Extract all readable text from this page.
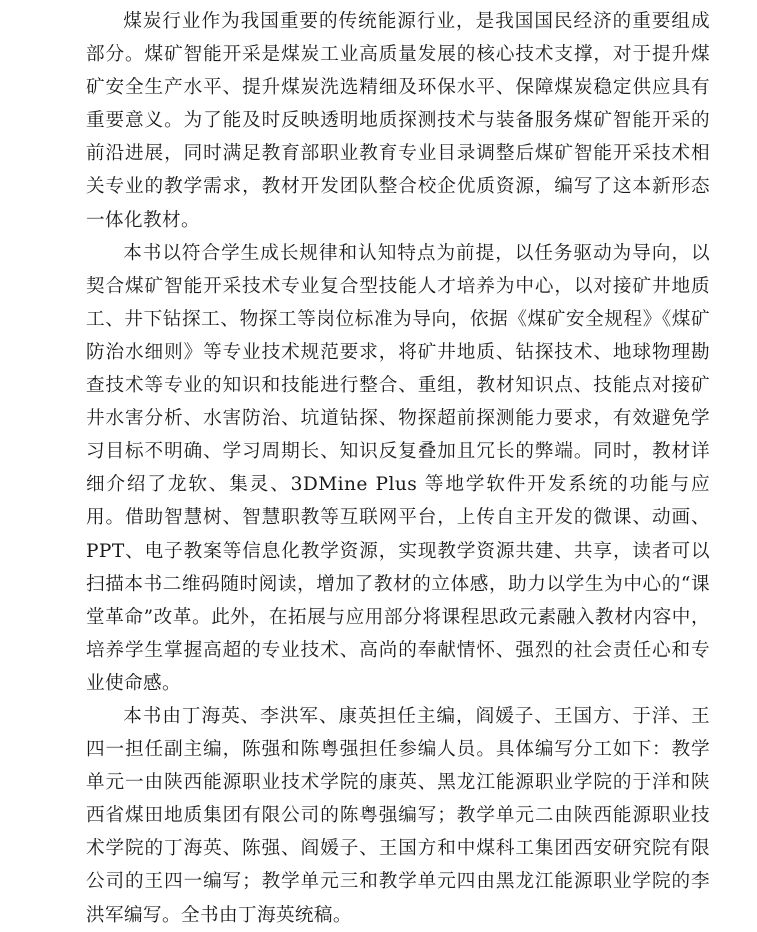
煤炭行业作为我国重要的传统能源行业，是我国国民经济的重要组成部分。煤矿智能开采是煤炭工业高质量发展的核心技术支撑，对于提升煤矿安全生产水平、提升煤炭洗选精细及环保水平、保障煤炭稳定供应具有重要意义。为了能及时反映透明地质探测技术与装备服务煤矿智能开采的前沿进展，同时满足教育部职业教育专业目录调整后煤矿智能开采技术相关专业的教学需求，教材开发团队整合校企优质资源，编写了这本新形态一体化教材。

本书以符合学生成长规律和认知特点为前提，以任务驱动为导向，以契合煤矿智能开采技术专业复合型技能人才培养为中心，以对接矿井地质工、井下钻探工、物探工等岗位标准为导向，依据《煤矿安全规程》《煤矿防治水细则》等专业技术规范要求，将矿井地质、钻探技术、地球物理勘查技术等专业的知识和技能进行整合、重组，教材知识点、技能点对接矿井水害分析、水害防治、坑道钻探、物探超前探测能力要求，有效避免学习目标不明确、学习周期长、知识反复叠加且冗长的弊端。同时，教材详细介绍了龙软、集灵、3DMine Plus 等地学软件开发系统的功能与应用。借助智慧树、智慧职教等互联网平台，上传自主开发的微课、动画、PPT、电子教案等信息化教学资源，实现教学资源共建、共享，读者可以扫描本书二维码随时阅读，增加了教材的立体感，助力以学生为中心的“课堂革命”改革。此外，在拓展与应用部分将课程思政元素融入教材内容中，培养学生掌握高超的专业技术、高尚的奉献情怀、强烈的社会责任心和专业使命感。

本书由丁海英、李洪军、康英担任主编，阎媛子、王国方、于洋、王四一担任副主编，陈强和陈粤强担任参编人员。具体编写分工如下：教学单元一由陕西能源职业技术学院的康英、黑龙江能源职业学院的于洋和陕西省煤田地质集团有限公司的陈粤强编写；教学单元二由陕西能源职业技术学院的丁海英、陈强、阎媛子、王国方和中煤科工集团西安研究院有限公司的王四一编写；教学单元三和教学单元四由黑龙江能源职业学院的李洪军编写。全书由丁海英统稿。
